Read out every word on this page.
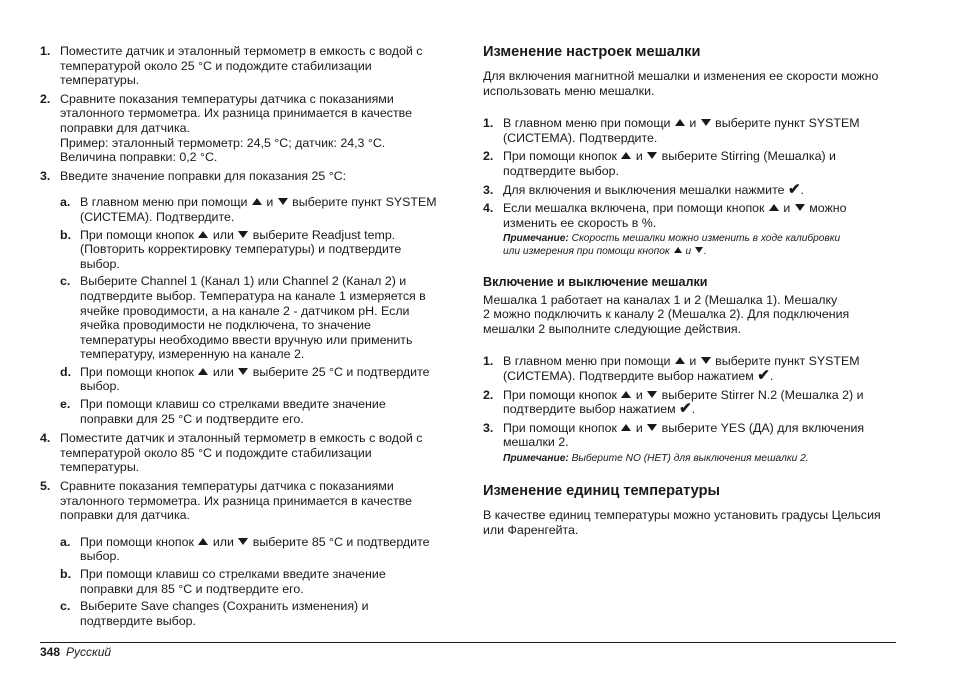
1. Поместите датчик и эталонный термометр в емкость с водой с
температурой около 25 °C и подождите стабилизации
температуры.
2. Сравните показания температуры датчика с показаниями
эталонного термометра. Их разница принимается в качестве
поправки для датчика.
Пример: эталонный термометр: 24,5 °C; датчик: 24,3 °C.
Величина поправки: 0,2 °C.
3. Введите значение поправки для показания 25 °C:
a. В главном меню при помощи и выберите пункт SYSTEM
(СИСТЕМА). Подтвердите.
b. При помощи кнопок или выберите Readjust temp.
(Повторить корректировку температуры) и подтвердите
выбор.
c. Выберите Channel 1 (Канал 1) или Channel 2 (Канал 2) и
подтвердите выбор. Температура на канале 1 измеряется в
ячейке проводимости, а на канале 2 - датчиком pH. Если
ячейка проводимости не подключена, то значение
температуры необходимо ввести вручную или применить
температуру, измеренную на канале 2.
d. При помощи кнопок или выберите 25 °C и подтвердите
выбор.
e. При помощи клавиш со стрелками введите значение
поправки для 25 °C и подтвердите его.
4. Поместите датчик и эталонный термометр в емкость с водой с
температурой около 85 °C и подождите стабилизации
температуры.
5. Сравните показания температуры датчика с показаниями
эталонного термометра. Их разница принимается в качестве
поправки для датчика.
a. При помощи кнопок или выберите 85 °C и подтвердите
выбор.
b. При помощи клавиш со стрелками введите значение
поправки для 85 °C и подтвердите его.
c. Выберите Save changes (Сохранить изменения) и
подтвердите выбор.
Изменение настроек мешалки
Для включения магнитной мешалки и изменения ее скорости можно
использовать меню мешалки.
1. В главном меню при помощи и выберите пункт SYSTEM
(СИСТЕМА). Подтвердите.
2. При помощи кнопок и выберите Stirring (Мешалка) и
подтвердите выбор.
3. Для включения и выключения мешалки нажмите ✔.
4. Если мешалка включена, при помощи кнопок и можно
изменить ее скорость в %.
Примечание: Скорость мешалки можно изменить в ходе калибровки
или измерения при помощи кнопок и .
Включение и выключение мешалки
Мешалка 1 работает на каналах 1 и 2 (Мешалка 1). Мешалку
2 можно подключить к каналу 2 (Мешалка 2). Для подключения
мешалки 2 выполните следующие действия.
1. В главном меню при помощи и выберите пункт SYSTEM
(СИСТЕМА). Подтвердите выбор нажатием ✔.
2. При помощи кнопок и выберите Stirrer N.2 (Мешалка 2) и
подтвердите выбор нажатием ✔.
3. При помощи кнопок и выберите YES (ДА) для включения
мешалки 2.
Примечание: Выберите NO (НЕТ) для выключения мешалки 2.
Изменение единиц температуры
В качестве единиц температуры можно установить градусы Цельсия
или Фаренгейта.
348 Русский
